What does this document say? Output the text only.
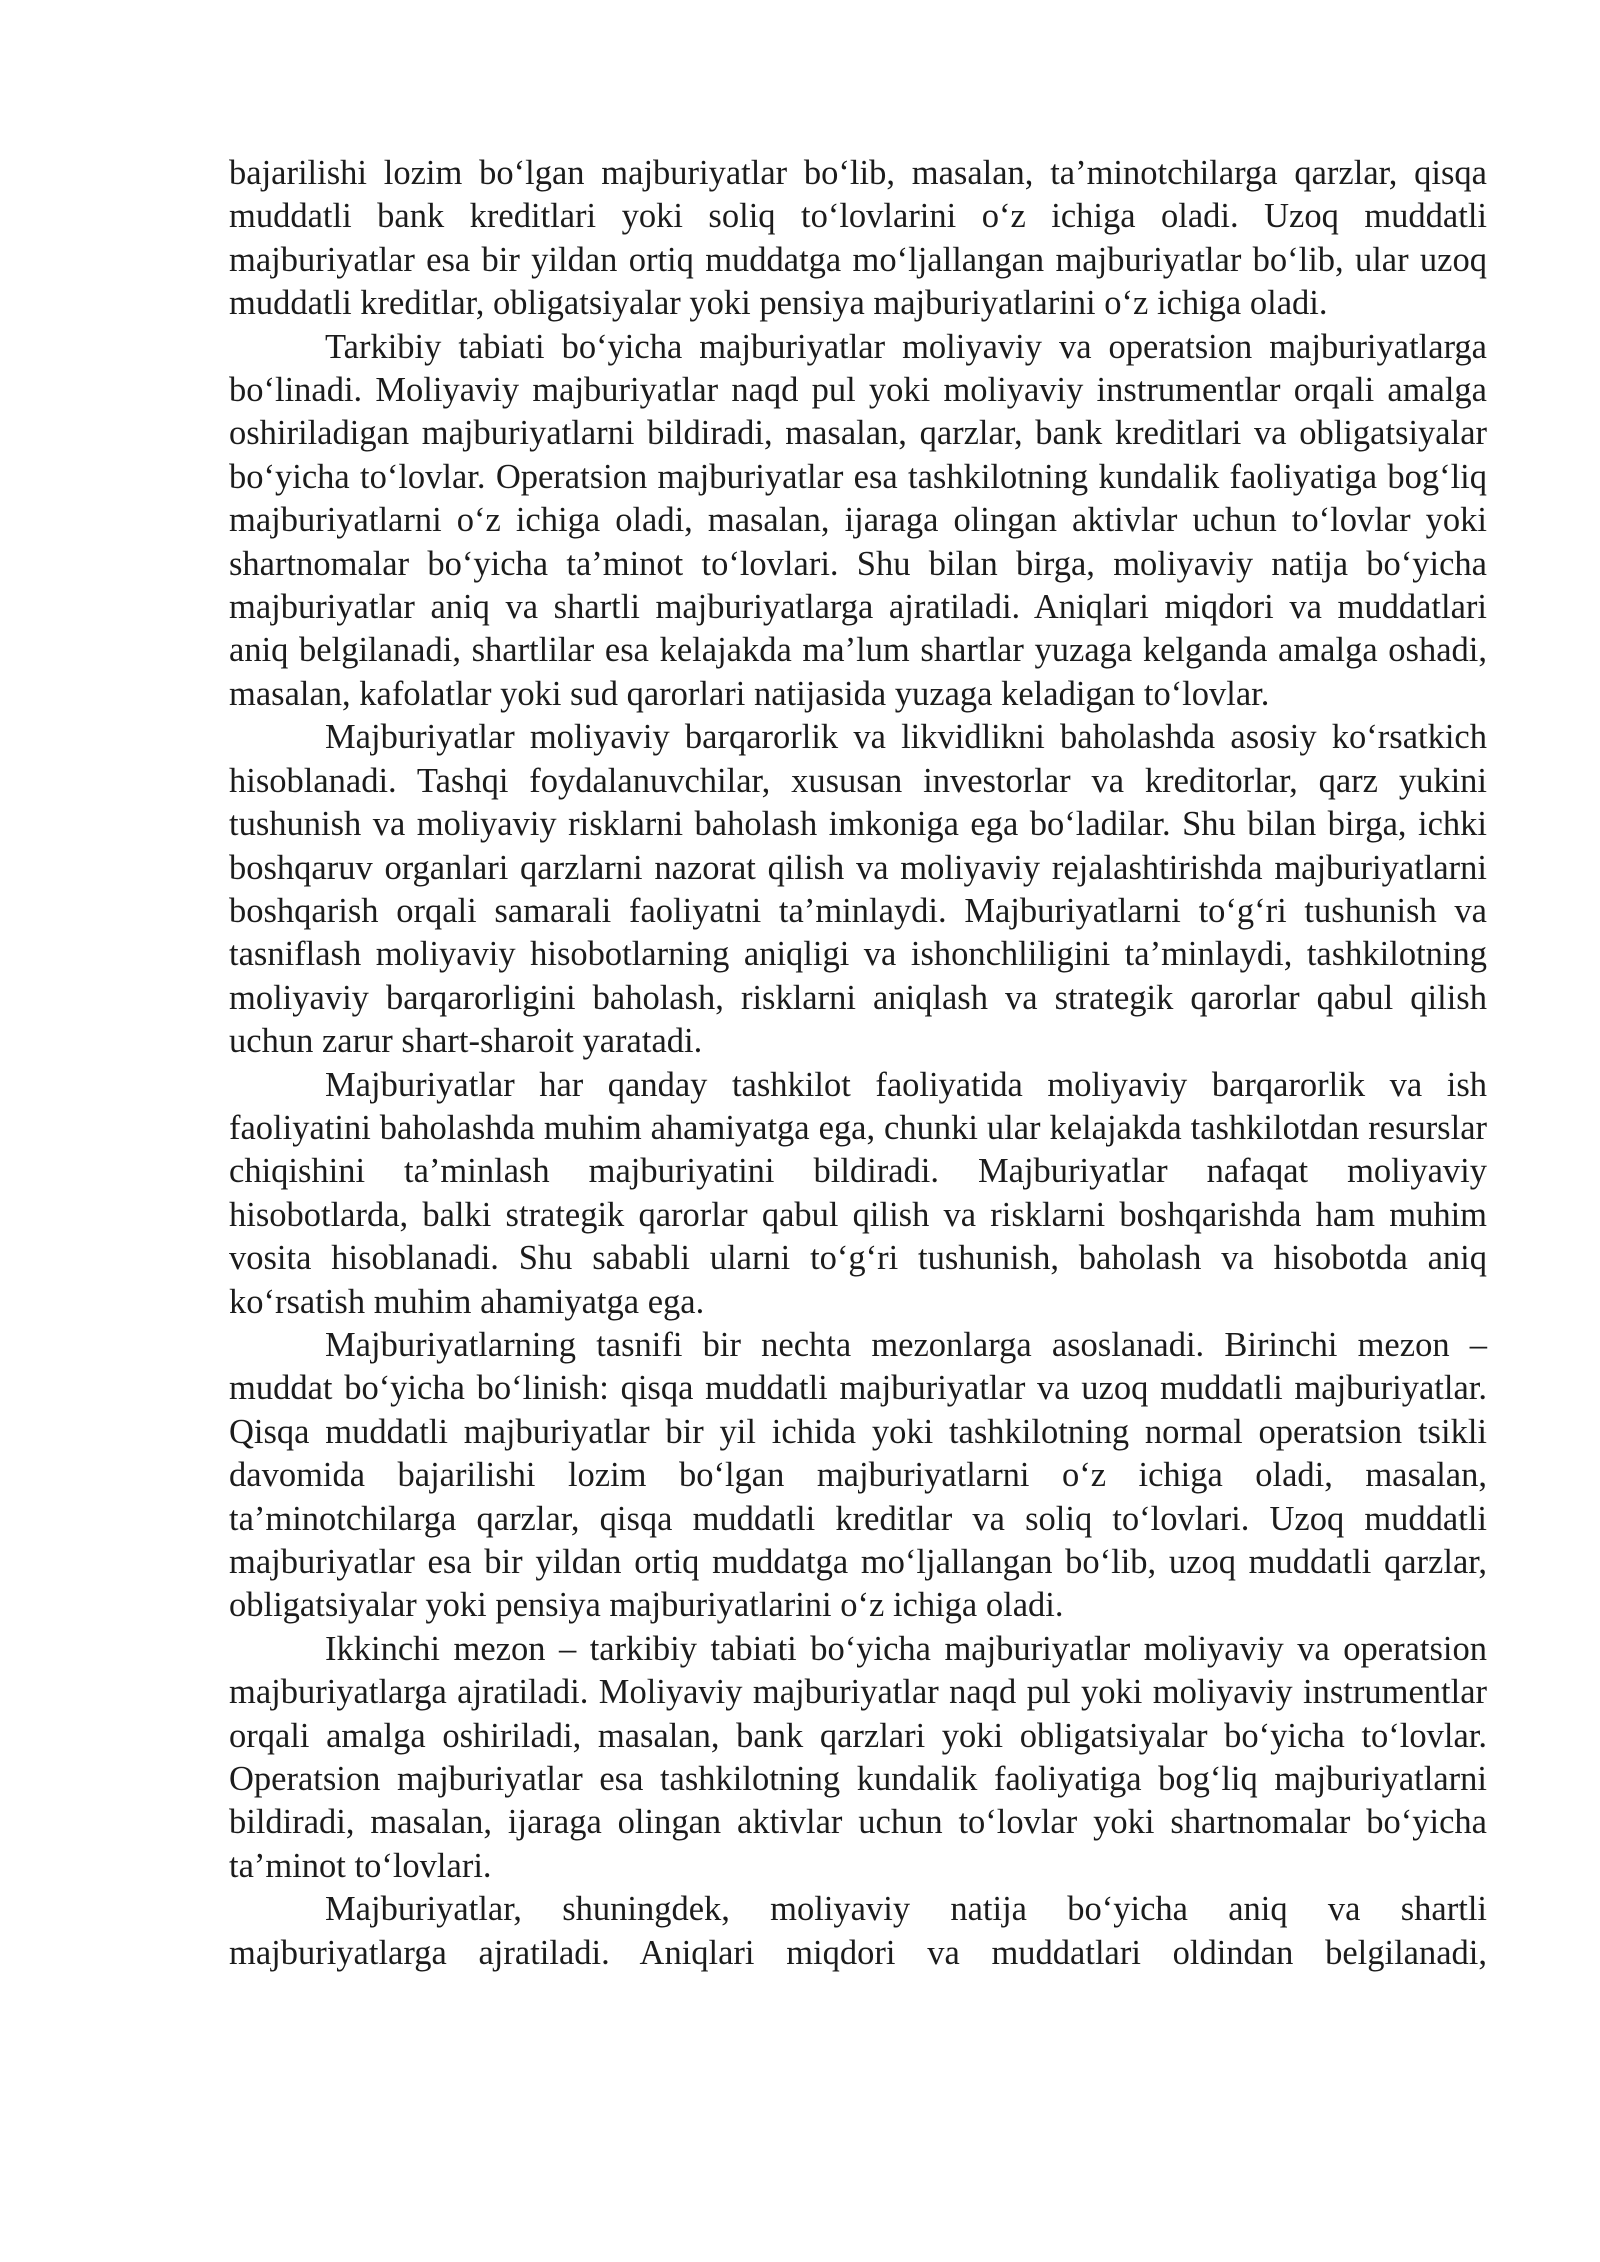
bajarilishi lozim bo‘lgan majburiyatlar bo‘lib, masalan, ta’minotchilarga qarzlar, qisqa muddatli bank kreditlari yoki soliq to‘lovlarini o‘z ichiga oladi. Uzoq muddatli majburiyatlar esa bir yildan ortiq muddatga mo‘ljallangan majburiyatlar bo‘lib, ular uzoq muddatli kreditlar, obligatsiyalar yoki pensiya majburiyatlarini o‘z ichiga oladi.

Tarkibiy tabiati bo‘yicha majburiyatlar moliyaviy va operatsion majburiyatlarga bo‘linadi. Moliyaviy majburiyatlar naqd pul yoki moliyaviy instrumentlar orqali amalga oshiriladigan majburiyatlarni bildiradi, masalan, qarzlar, bank kreditlari va obligatsiyalar bo‘yicha to‘lovlar. Operatsion majburiyatlar esa tashkilotning kundalik faoliyatiga bog‘liq majburiyatlarni o‘z ichiga oladi, masalan, ijaraga olingan aktivlar uchun to‘lovlar yoki shartnomalar bo‘yicha ta’minot to‘lovlari. Shu bilan birga, moliyaviy natija bo‘yicha majburiyatlar aniq va shartli majburiyatlarga ajratiladi. Aniqlari miqdori va muddatlari aniq belgilanadi, shartlilar esa kelajakda ma’lum shartlar yuzaga kelganda amalga oshadi, masalan, kafolatlar yoki sud qarorlari natijasida yuzaga keladigan to‘lovlar.

Majburiyatlar moliyaviy barqarorlik va likvidlikni baholashda asosiy ko‘rsatkich hisoblanadi. Tashqi foydalanuvchilar, xususan investorlar va kreditorlar, qarz yukini tushunish va moliyaviy risklarni baholash imkoniga ega bo‘ladilar. Shu bilan birga, ichki boshqaruv organlari qarzlarni nazorat qilish va moliyaviy rejalashtirishda majburiyatlarni boshqarish orqali samarali faoliyatni ta’minlaydi. Majburiyatlarni to‘g‘ri tushunish va tasniflash moliyaviy hisobotlarning aniqligi va ishonchliligini ta’minlaydi, tashkilotning moliyaviy barqarorligini baholash, risklarni aniqlash va strategik qarorlar qabul qilish uchun zarur shart-sharoit yaratadi.

Majburiyatlar har qanday tashkilot faoliyatida moliyaviy barqarorlik va ish faoliyatini baholashda muhim ahamiyatga ega, chunki ular kelajakda tashkilotdan resurslar chiqishini ta’minlash majburiyatini bildiradi. Majburiyatlar nafaqat moliyaviy hisobotlarda, balki strategik qarorlar qabul qilish va risklarni boshqarishda ham muhim vosita hisoblanadi. Shu sababli ularni to‘g‘ri tushunish, baholash va hisobotda aniq ko‘rsatish muhim ahamiyatga ega.

Majburiyatlarning tasnifi bir nechta mezonlarga asoslanadi. Birinchi mezon – muddat bo‘yicha bo‘linish: qisqa muddatli majburiyatlar va uzoq muddatli majburiyatlar. Qisqa muddatli majburiyatlar bir yil ichida yoki tashkilotning normal operatsion tsikli davomida bajarilishi lozim bo‘lgan majburiyatlarni o‘z ichiga oladi, masalan, ta’minotchilarga qarzlar, qisqa muddatli kreditlar va soliq to‘lovlari. Uzoq muddatli majburiyatlar esa bir yildan ortiq muddatga mo‘ljallangan bo‘lib, uzoq muddatli qarzlar, obligatsiyalar yoki pensiya majburiyatlarini o‘z ichiga oladi.

Ikkinchi mezon – tarkibiy tabiati bo‘yicha majburiyatlar moliyaviy va operatsion majburiyatlarga ajratiladi. Moliyaviy majburiyatlar naqd pul yoki moliyaviy instrumentlar orqali amalga oshiriladi, masalan, bank qarzlari yoki obligatsiyalar bo‘yicha to‘lovlar. Operatsion majburiyatlar esa tashkilotning kundalik faoliyatiga bog‘liq majburiyatlarni bildiradi, masalan, ijaraga olingan aktivlar uchun to‘lovlar yoki shartnomalar bo‘yicha ta’minot to‘lovlari.

Majburiyatlar, shuningdek, moliyaviy natija bo‘yicha aniq va shartli majburiyatlarga ajratiladi. Aniqlari miqdori va muddatlari oldindan belgilanadi,
